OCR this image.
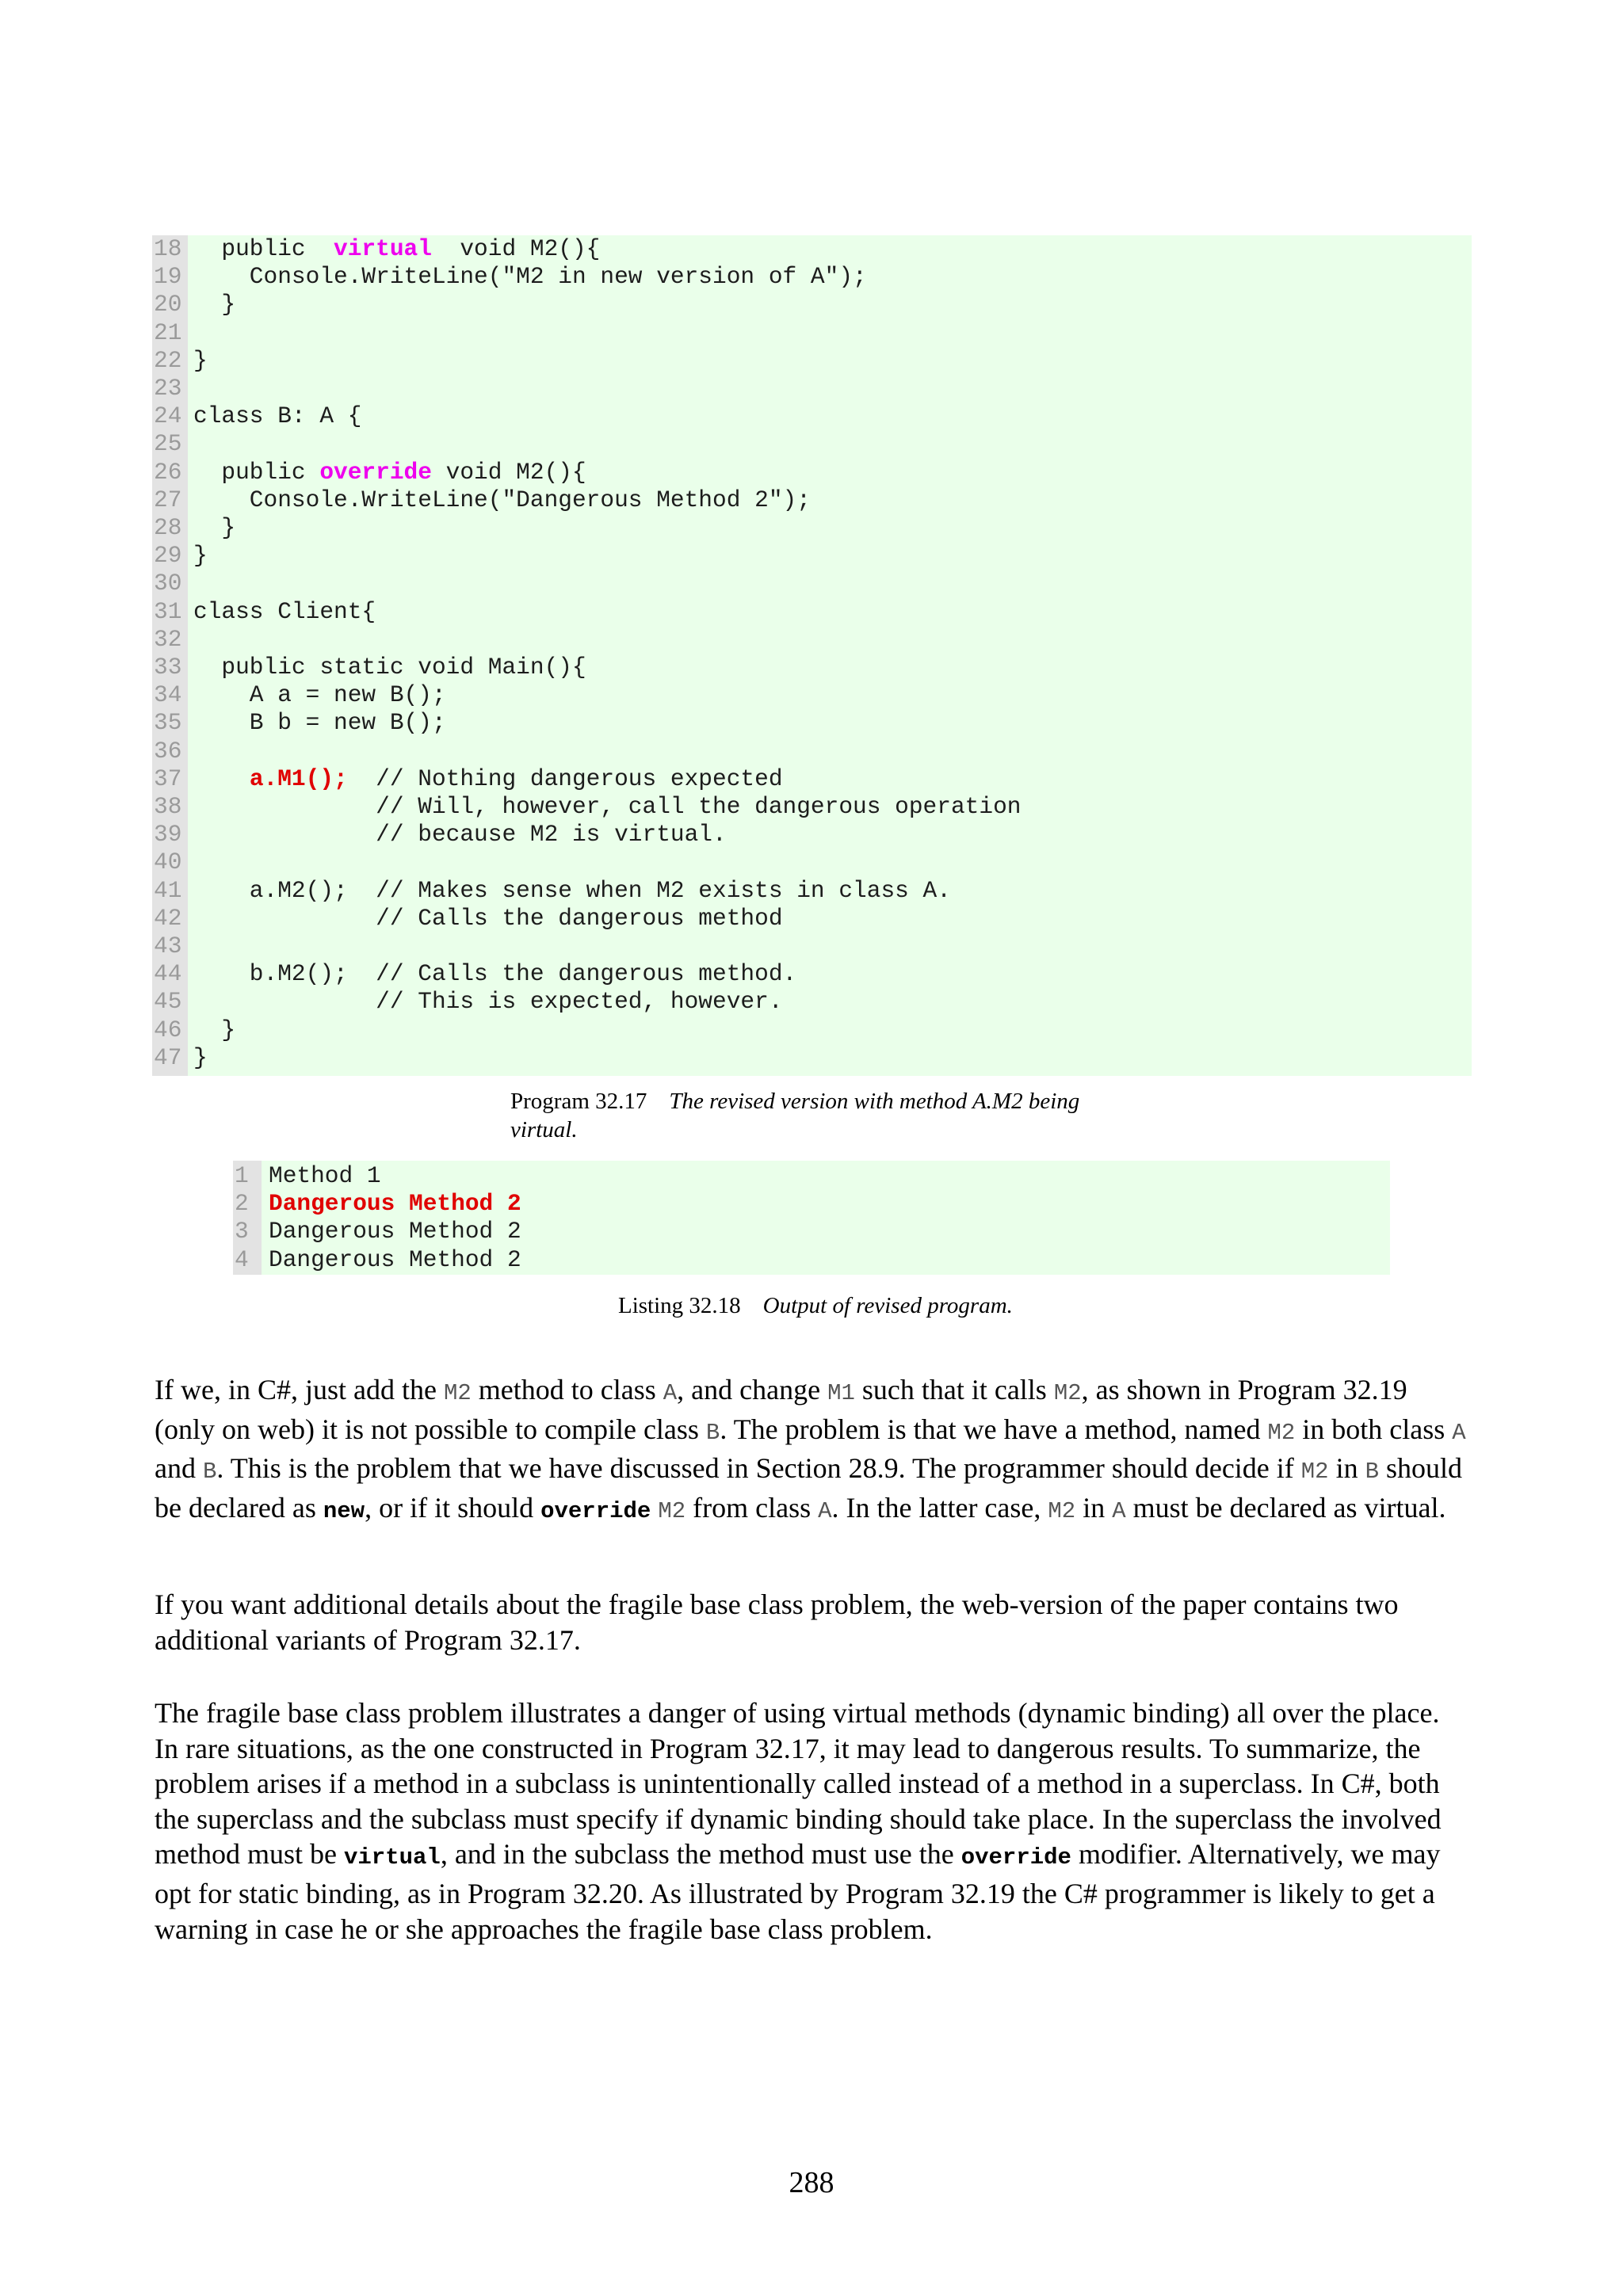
18 public  virtual  void M2(){
19 Console.WriteLine("M2 in new version of A");
20 }
21
22 }
23
24 class B: A {
25
26 public override void M2(){
27 Console.WriteLine("Dangerous Method 2");
28 }
29 }
30
31 class Client{
32
33 public static void Main(){
34 A a = new B();
35 B b = new B();
36
37	a.M1();  // Nothing dangerous expected
38 // Will, however, call the dangerous operation
39 // because M2 is virtual.
40
41 a.M2();  // Makes sense when M2 exists in class A.
42 // Calls the dangerous method
43
44 b.M2();  // Calls the dangerous method.
45 // This is expected, however.
46 }
47 }
Program 32.17 The revised version with method A.M2 being virtual.
1 Method 1
2 Dangerous Method 2
3 Dangerous Method 2
4 Dangerous Method 2
Listing 32.18 Output of revised program.

If we, in C#, just add the M2 method to class A, and change M1 such that it calls M2, as shown in Program 32.19 (only on web) it is not possible to compile class B. The problem is that we have a method, named M2 in both class A and B. This is the problem that we have discussed in Section 28.9. The programmer should decide if M2 in B should be declared as new, or if it should override M2 from class A. In the latter case, M2 in A must be declared as virtual.

If you want additional details about the fragile base class problem, the web-version of the paper contains two additional variants of Program 32.17.

The fragile base class problem illustrates a danger of using virtual methods (dynamic binding) all over the place. In rare situations, as the one constructed in Program 32.17, it may lead to dangerous results. To summarize, the problem arises if a method in a subclass is unintentionally called instead of a method in a superclass. In C#, both the superclass and the subclass must specify if dynamic binding should take place. In the superclass the involved method must be virtual, and in the subclass the method must use the override modifier. Alternatively, we may opt for static binding, as in Program 32.20. As illustrated by Program 32.19 the C# programmer is likely to get a warning in case he or she approaches the fragile base class problem.

288
